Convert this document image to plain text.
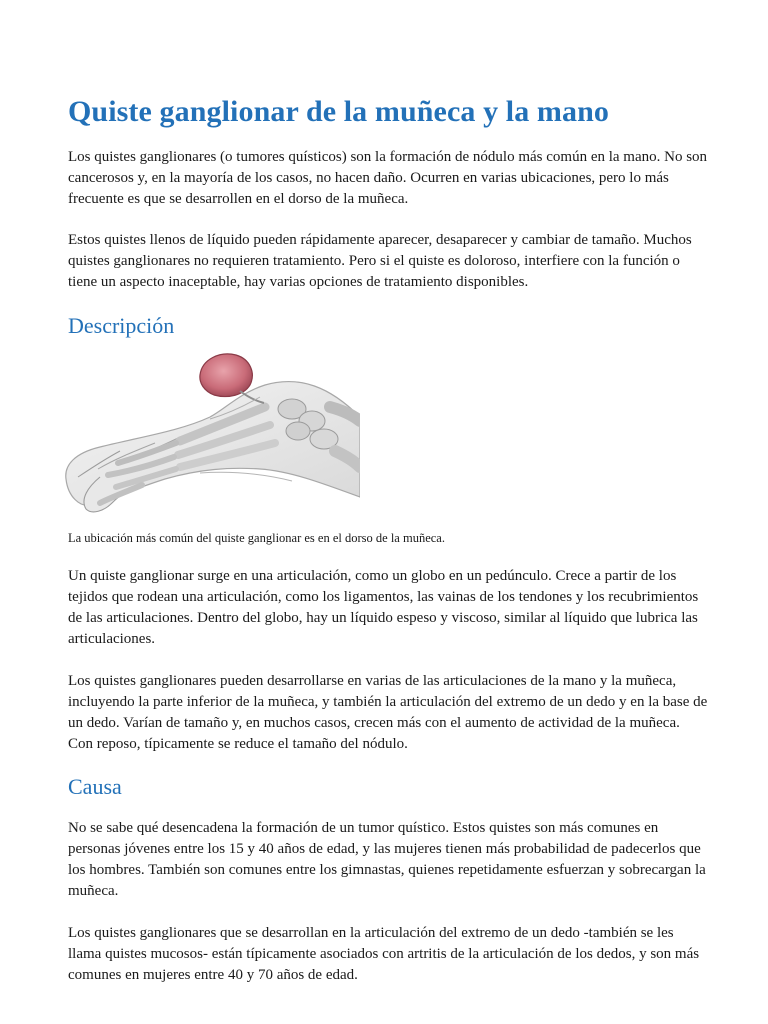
Quiste ganglionar de la muñeca y la mano

Los quistes ganglionares (o tumores quísticos) son la formación de nódulo más común en la mano. No son cancerosos y, en la mayoría de los casos, no hacen daño. Ocurren en varias ubicaciones, pero lo más frecuente es que se desarrollen en el dorso de la muñeca.

Estos quistes llenos de líquido pueden rápidamente aparecer, desaparecer y cambiar de tamaño. Muchos quistes ganglionares no requieren tratamiento. Pero si el quiste es doloroso, interfiere con la función o tiene un aspecto inaceptable, hay varias opciones de tratamiento disponibles.

Descripción

La ubicación más común del quiste ganglionar es en el dorso de la muñeca.

Un quiste ganglionar surge en una articulación, como un globo en un pedúnculo. Crece a partir de los tejidos que rodean una articulación, como los ligamentos, las vainas de los tendones y los recubrimientos de las articulaciones. Dentro del globo, hay un líquido espeso y viscoso, similar al líquido que lubrica las articulaciones.

Los quistes ganglionares pueden desarrollarse en varias de las articulaciones de la mano y la muñeca, incluyendo la parte inferior de la muñeca, y también la articulación del extremo de un dedo y en la base de un dedo. Varían de tamaño y, en muchos casos, crecen más con el aumento de actividad de la muñeca. Con reposo, típicamente se reduce el tamaño del nódulo.

Causa

No se sabe qué desencadena la formación de un tumor quístico. Estos quistes son más comunes en personas jóvenes entre los 15 y 40 años de edad, y las mujeres tienen más probabilidad de padecerlos que los hombres. También son comunes entre los gimnastas, quienes repetidamente esfuerzan y sobrecargan la muñeca.

Los quistes ganglionares que se desarrollan en la articulación del extremo de un dedo -también se les llama quistes mucosos- están típicamente asociados con artritis de la articulación de los dedos, y son más comunes en mujeres entre 40 y 70 años de edad.
